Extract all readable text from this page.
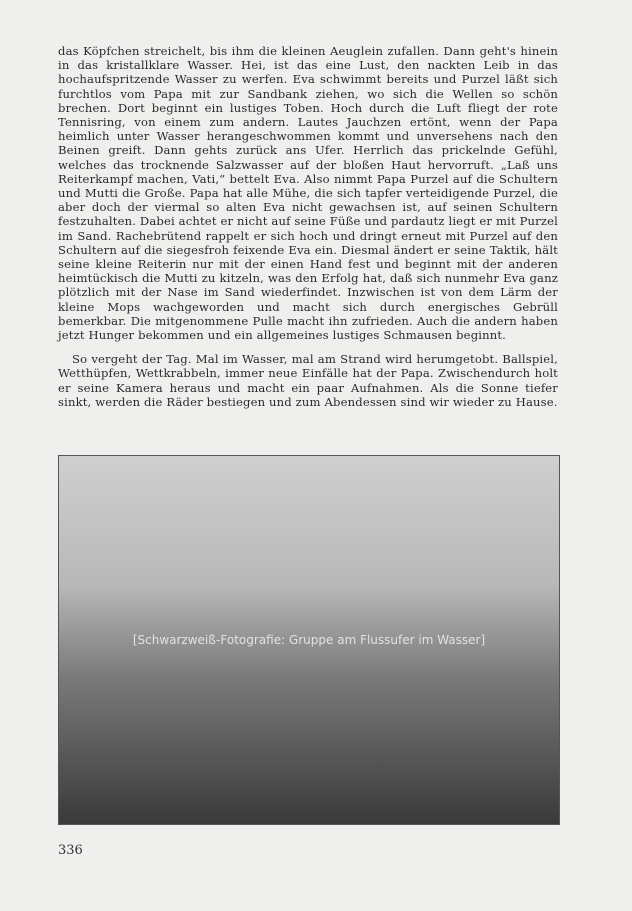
das Köpfchen streichelt, bis ihm die kleinen Aeuglein zufallen. Dann geht's hinein in das kristallklare Wasser. Hei, ist das eine Lust, den nackten Leib in das hochaufspritzende Wasser zu werfen. Eva schwimmt bereits und Purzel läßt sich furchtlos vom Papa mit zur Sandbank ziehen, wo sich die Wellen so schön brechen. Dort beginnt ein lustiges Toben. Hoch durch die Luft fliegt der rote Tennisring, von einem zum andern. Lautes Jauchzen ertönt, wenn der Papa heimlich unter Wasser herangeschwommen kommt und unversehens nach den Beinen greift. Dann gehts zurück ans Ufer. Herrlich das prickelnde Gefühl, welches das trocknende Salzwasser auf der bloßen Haut hervorruft. „Laß uns Reiterkampf machen, Vati,“ bettelt Eva. Also nimmt Papa Purzel auf die Schultern und Mutti die Große. Papa hat alle Mühe, die sich tapfer verteidigende Purzel, die aber doch der viermal so alten Eva nicht gewachsen ist, auf seinen Schultern festzuhalten. Dabei achtet er nicht auf seine Füße und pardautz liegt er mit Purzel im Sand. Rachebrütend rappelt er sich hoch und dringt erneut mit Purzel auf den Schultern auf die siegesfroh feixende Eva ein. Diesmal ändert er seine Taktik, hält seine kleine Reiterin nur mit der einen Hand fest und beginnt mit der anderen heimtückisch die Mutti zu kitzeln, was den Erfolg hat, daß sich nunmehr Eva ganz plötzlich mit der Nase im Sand wiederfindet. Inzwischen ist von dem Lärm der kleine Mops wachgeworden und macht sich durch energisches Gebrüll bemerkbar. Die mitgenommene Pulle macht ihn zufrieden. Auch die andern haben jetzt Hunger bekommen und ein allgemeines lustiges Schmausen beginnt.

So vergeht der Tag. Mal im Wasser, mal am Strand wird herumgetobt. Ballspiel, Wetthüpfen, Wettkrabbeln, immer neue Einfälle hat der Papa. Zwischendurch holt er seine Kamera heraus und macht ein paar Aufnahmen. Als die Sonne tiefer sinkt, werden die Räder bestiegen und zum Abendessen sind wir wieder zu Hause.

[Schwarzweiß-Fotografie: Gruppe am Flussufer im Wasser]
336
